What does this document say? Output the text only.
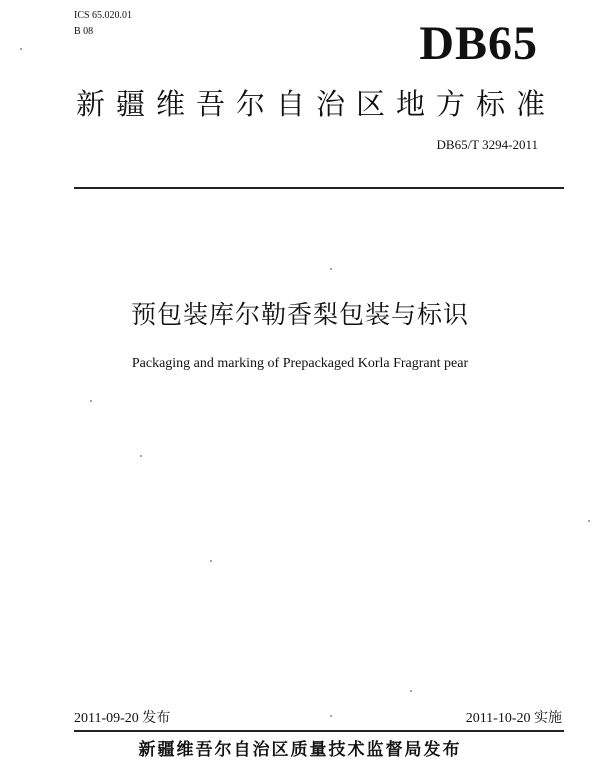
ICS 65.020.01
B 08	DB65
新疆维吾尔自治区地方标准
DB65/T 3294-2011
预包装库尔勒香梨包装与标识
Packaging and marking of Prepackaged Korla Fragrant pear
2011-09-20 发布	2011-10-20 实施
新疆维吾尔自治区质量技术监督局发布
